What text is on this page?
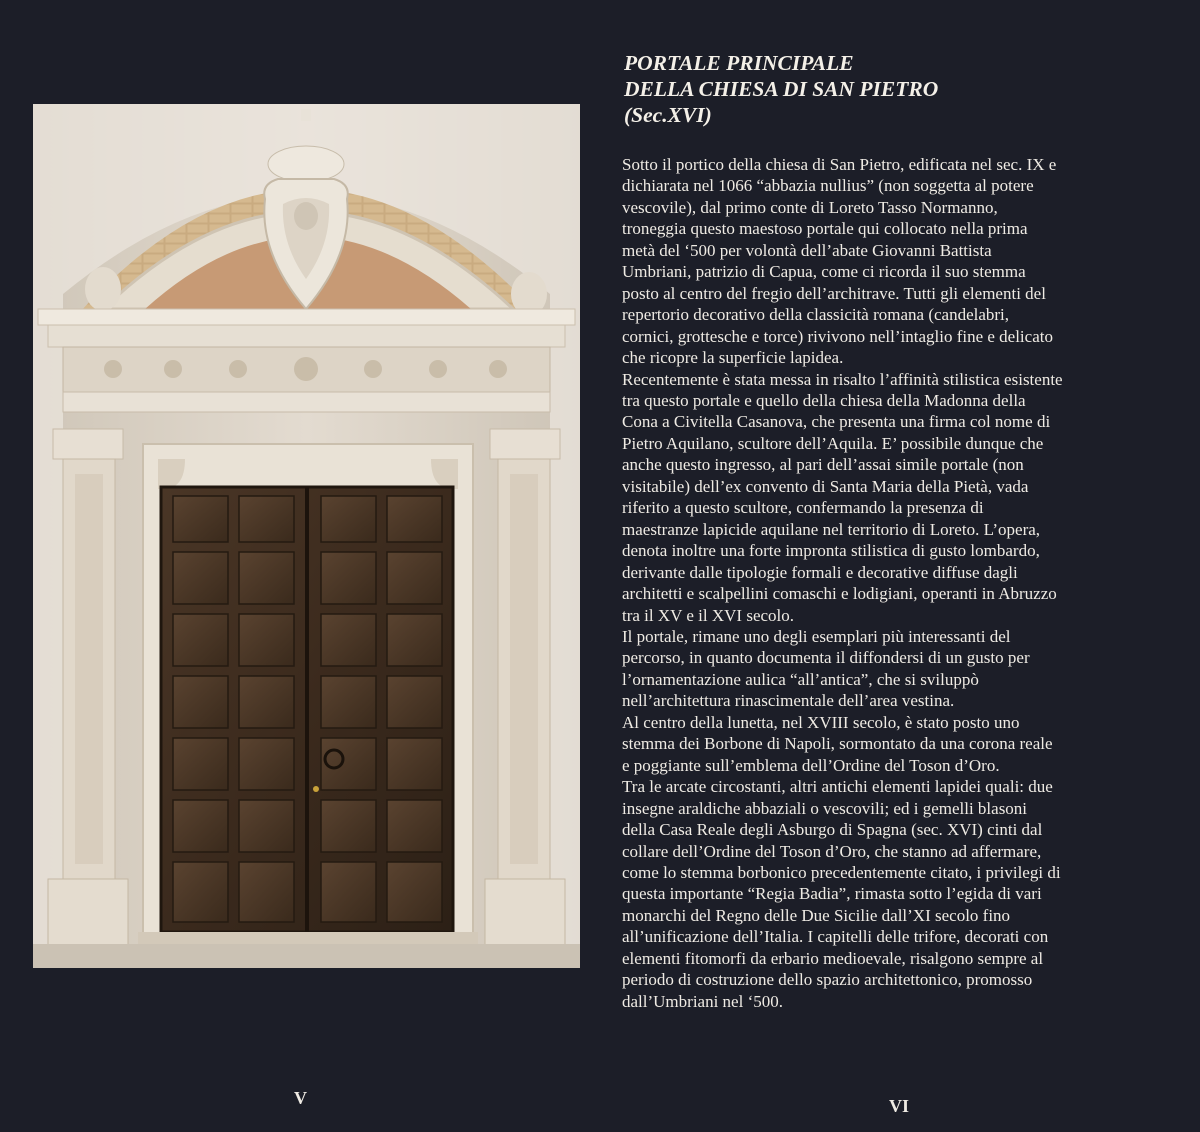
PORTALE PRINCIPALE
DELLA CHIESA DI SAN PIETRO
(Sec.XVI)

Sotto il portico della chiesa di San Pietro, edificata nel sec. IX e
dichiarata nel 1066 “abbazia nullius” (non soggetta al potere
vescovile), dal primo conte di Loreto Tasso Normanno,
troneggia questo maestoso portale qui collocato nella prima
metà del ‘500 per volontà dell’abate Giovanni Battista
Umbriani, patrizio di Capua, come ci ricorda il suo stemma
posto al centro del fregio dell’architrave. Tutti gli elementi del
repertorio decorativo della classicità romana (candelabri,
cornici, grottesche e torce) rivivono nell’intaglio fine e delicato
che ricopre la superficie lapidea.

Recentemente è stata messa in risalto l’affinità stilistica esistente
tra questo portale e quello della chiesa della Madonna della
Cona a Civitella Casanova, che presenta una firma col nome di
Pietro Aquilano, scultore dell’Aquila. E’ possibile dunque che
anche questo ingresso, al pari dell’assai simile portale (non
visitabile) dell’ex convento di Santa Maria della Pietà, vada
riferito a questo scultore, confermando la presenza di
maestranze lapicide aquilane nel territorio di Loreto. L’opera,
denota inoltre una forte impronta stilistica di gusto lombardo,
derivante dalle tipologie formali e decorative diffuse dagli
architetti e scalpellini comaschi e lodigiani, operanti in Abruzzo
tra il XV e il XVI secolo.

Il portale, rimane uno degli esemplari più interessanti del
percorso, in quanto documenta il diffondersi di un gusto per
l’ornamentazione aulica “all’antica”, che si sviluppò
nell’architettura rinascimentale dell’area vestina.

Al centro della lunetta, nel XVIII secolo, è stato posto uno
stemma dei Borbone di Napoli, sormontato da una corona reale
e poggiante sull’emblema dell’Ordine del Toson d’Oro.

Tra le arcate circostanti, altri antichi elementi lapidei quali: due
insegne araldiche abbaziali o vescovili; ed i gemelli blasoni
della Casa Reale degli Asburgo di Spagna (sec. XVI) cinti dal
collare dell’Ordine del Toson d’Oro, che stanno ad affermare,
come lo stemma borbonico precedentemente citato, i privilegi di
questa importante “Regia Badia”, rimasta sotto l’egida di vari
monarchi del Regno delle Due Sicilie dall’XI secolo fino
all’unificazione dell’Italia. I capitelli delle trifore, decorati con
elementi fitomorfi da erbario medioevale, risalgono sempre al
periodo di costruzione dello spazio architettonico, promosso
dall’Umbriani nel ‘500.

V	VI
